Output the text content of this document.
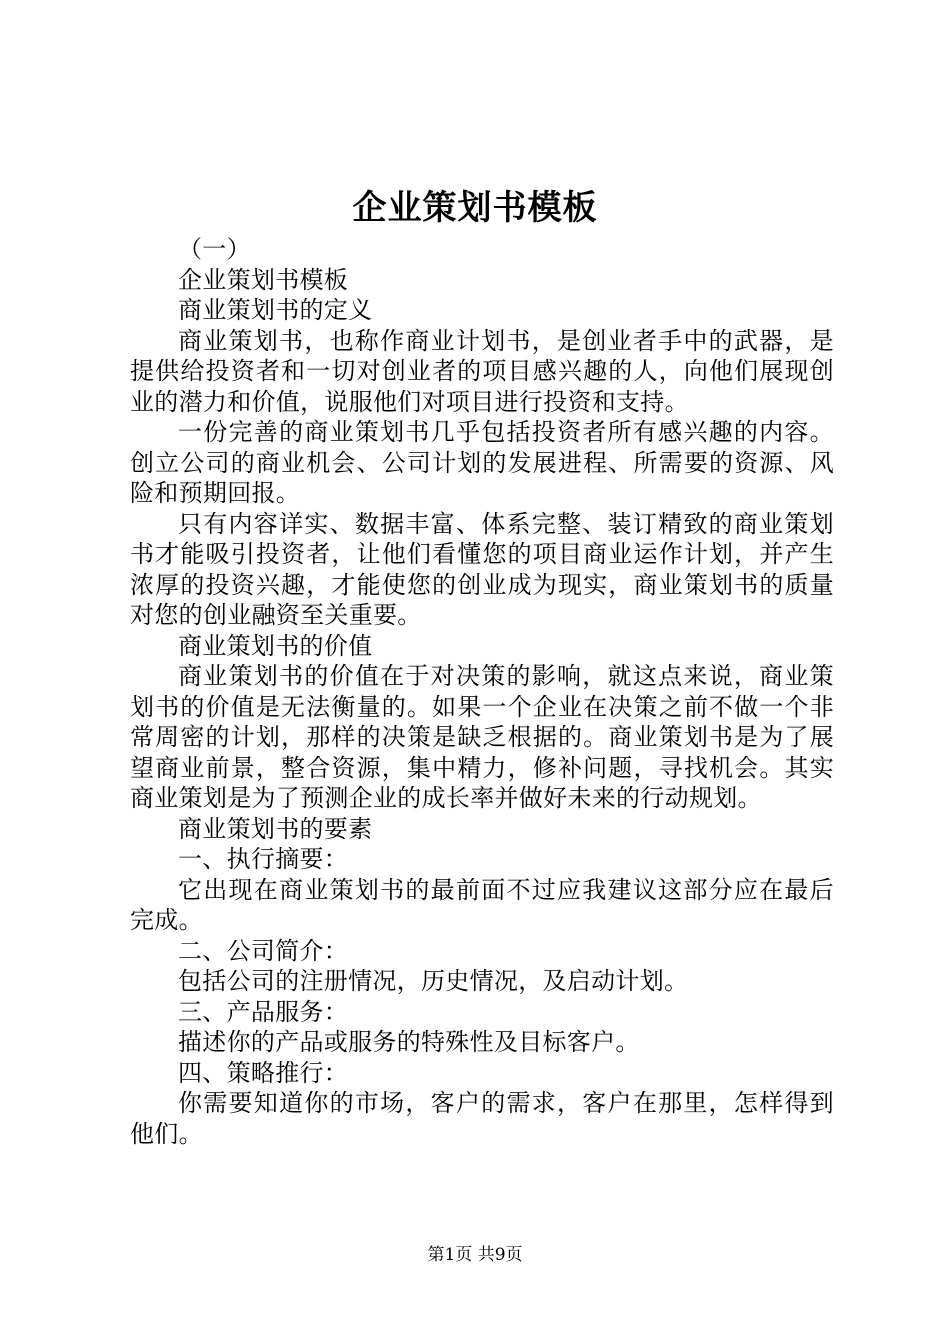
企业策划书模板

（一）

企业策划书模板

商业策划书的定义

商业策划书，也称作商业计划书，是创业者手中的武器，是提供给投资者和一切对创业者的项目感兴趣的人，向他们展现创业的潜力和价值，说服他们对项目进行投资和支持。

一份完善的商业策划书几乎包括投资者所有感兴趣的内容。创立公司的商业机会、公司计划的发展进程、所需要的资源、风险和预期回报。

只有内容详实、数据丰富、体系完整、装订精致的商业策划书才能吸引投资者，让他们看懂您的项目商业运作计划，并产生浓厚的投资兴趣，才能使您的创业成为现实，商业策划书的质量对您的创业融资至关重要。

商业策划书的价值

商业策划书的价值在于对决策的影响，就这点来说，商业策划书的价值是无法衡量的。如果一个企业在决策之前不做一个非常周密的计划，那样的决策是缺乏根据的。商业策划书是为了展望商业前景，整合资源，集中精力，修补问题，寻找机会。其实商业策划是为了预测企业的成长率并做好未来的行动规划。

商业策划书的要素

一、执行摘要：

它出现在商业策划书的最前面不过应我建议这部分应在最后完成。

二、公司简介：

包括公司的注册情况，历史情况，及启动计划。

三、产品服务：

描述你的产品或服务的特殊性及目标客户。

四、策略推行：

你需要知道你的市场，客户的需求，客户在那里，怎样得到他们。

第1页 共9页
